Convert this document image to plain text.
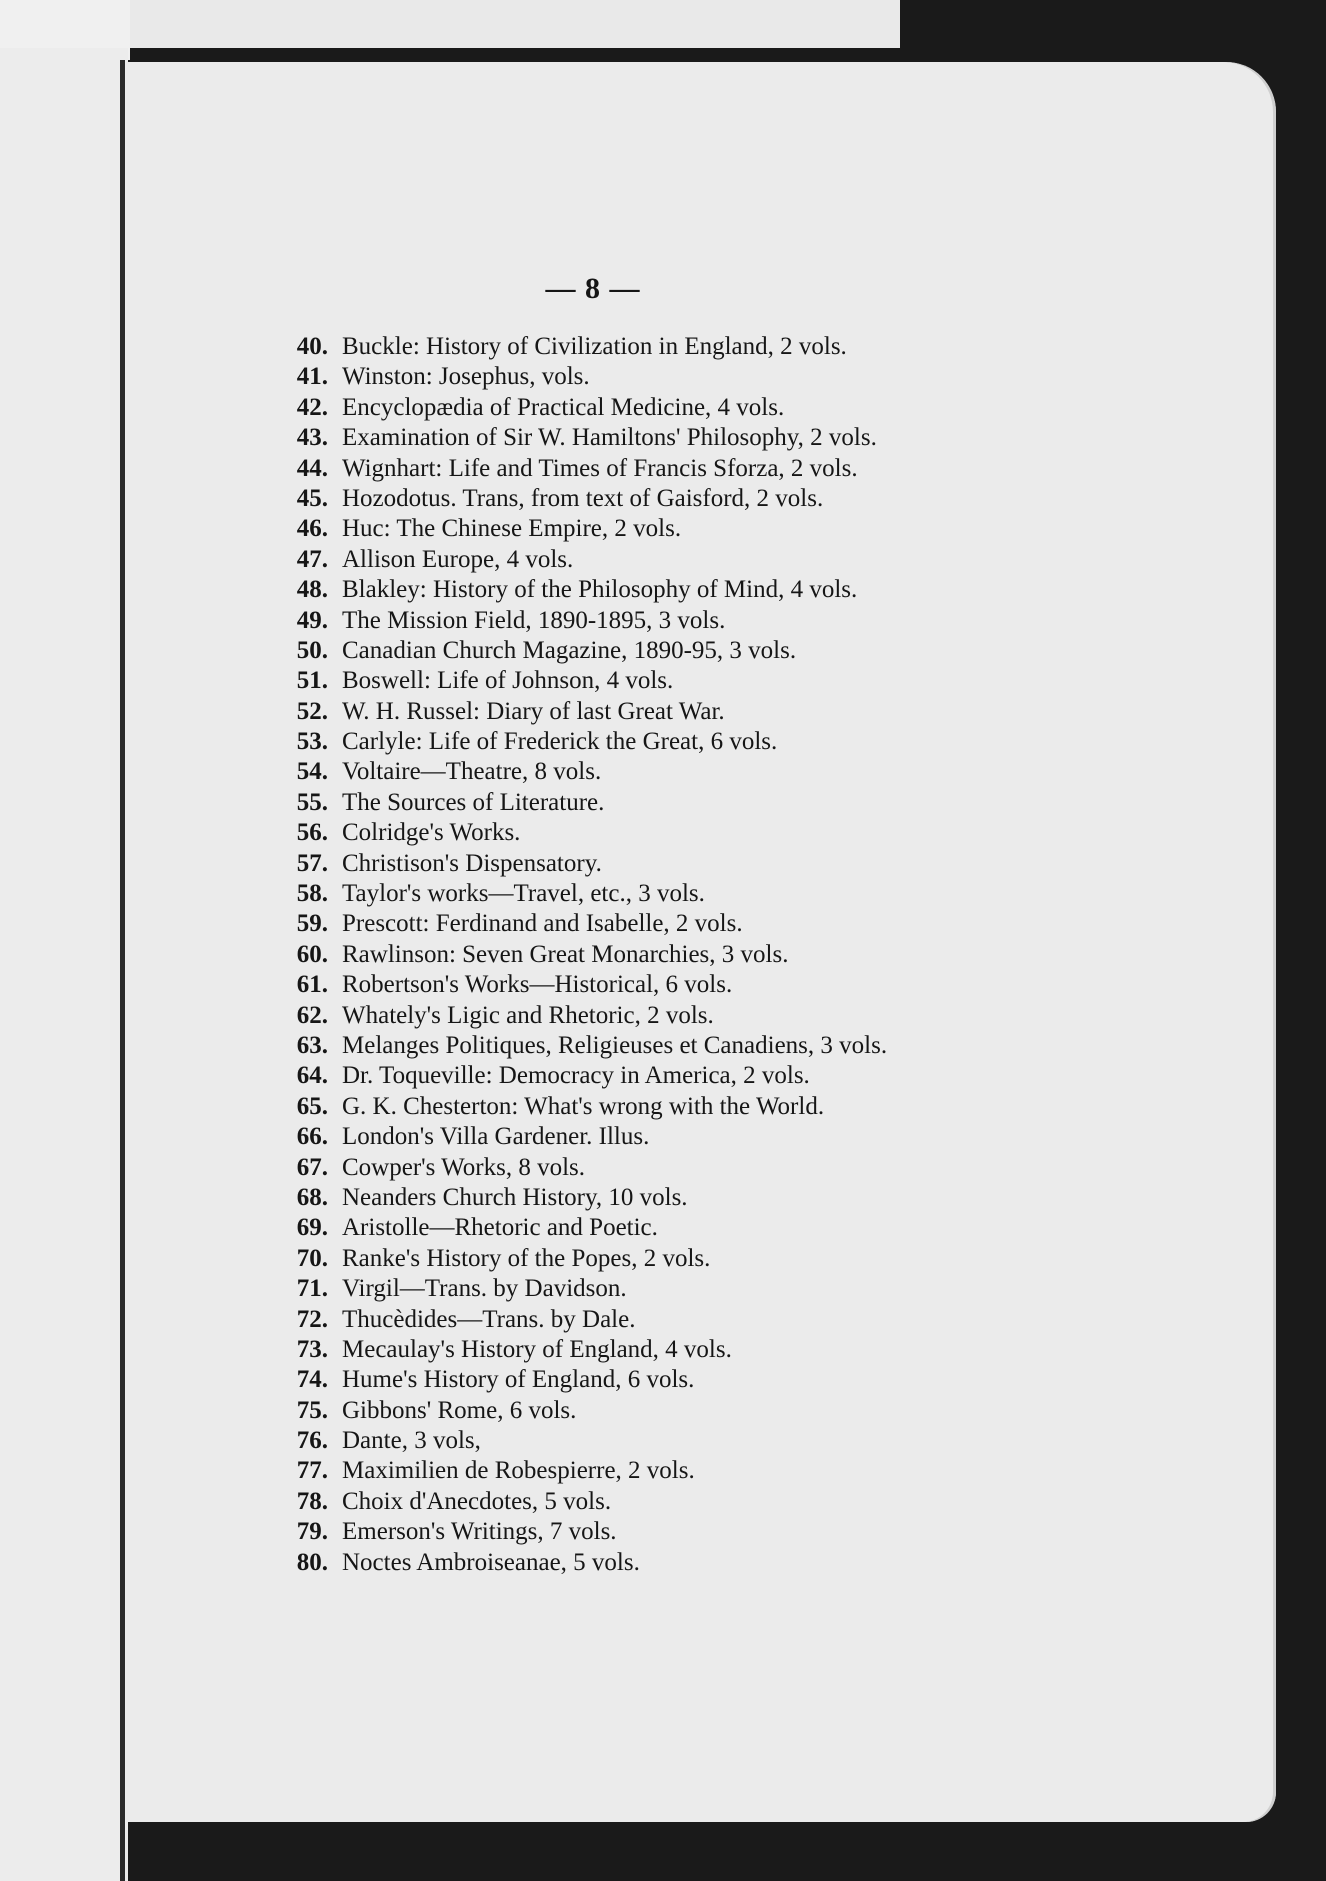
— 8 —
40. Buckle: History of Civilization in England, 2 vols.
41. Winston: Josephus, vols.
42. Encyclopædia of Practical Medicine, 4 vols.
43. Examination of Sir W. Hamiltons' Philosophy, 2 vols.
44. Wignhart: Life and Times of Francis Sforza, 2 vols.
45. Hozodotus. Trans, from text of Gaisford, 2 vols.
46. Huc: The Chinese Empire, 2 vols.
47. Allison Europe, 4 vols.
48. Blakley: History of the Philosophy of Mind, 4 vols.
49. The Mission Field, 1890-1895, 3 vols.
50. Canadian Church Magazine, 1890-95, 3 vols.
51. Boswell: Life of Johnson, 4 vols.
52. W. H. Russel: Diary of last Great War.
53. Carlyle: Life of Frederick the Great, 6 vols.
54. Voltaire—Theatre, 8 vols.
55. The Sources of Literature.
56. Colridge's Works.
57. Christison's Dispensatory.
58. Taylor's works—Travel, etc., 3 vols.
59. Prescott: Ferdinand and Isabelle, 2 vols.
60. Rawlinson: Seven Great Monarchies, 3 vols.
61. Robertson's Works—Historical, 6 vols.
62. Whately's Ligic and Rhetoric, 2 vols.
63. Melanges Politiques, Religieuses et Canadiens, 3 vols.
64. Dr. Toqueville: Democracy in America, 2 vols.
65. G. K. Chesterton: What's wrong with the World.
66. London's Villa Gardener. Illus.
67. Cowper's Works, 8 vols.
68. Neanders Church History, 10 vols.
69. Aristolle—Rhetoric and Poetic.
70. Ranke's History of the Popes, 2 vols.
71. Virgil—Trans. by Davidson.
72. Thucèdides—Trans. by Dale.
73. Mecaulay's History of England, 4 vols.
74. Hume's History of England, 6 vols.
75. Gibbons' Rome, 6 vols.
76. Dante, 3 vols,
77. Maximilien de Robespierre, 2 vols.
78. Choix d'Anecdotes, 5 vols.
79. Emerson's Writings, 7 vols.
80. Noctes Ambroiseanae, 5 vols.
